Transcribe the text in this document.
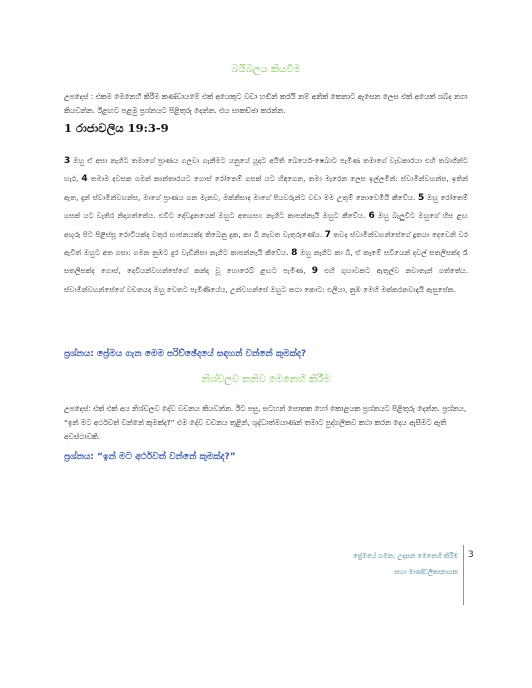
බයිබලය කියවීම
උපදෙස් : එකම මෙනෙහි කිරීම කණ්ඩායමේ එක් අයෙකුට වඩා හඬින් කරයි නම් අනික් කෙනාට ඇසෙන ලෙස එක් අයෙක් ශබ්ද නගා කියවන්න. ඊළඟට පළමු ප්‍රශ්නයට පිළිතුරු දෙන්න. එය සාකච්ඡා කරන්න.
1 රාජාවලිය 19:3-9
3 ඔහු ඒ අසා නැගිට තමාගේ ප්‍රාණය ගලවා ගැනීමට යනුයේ යූදාට අයිති බෙයෙර්-ෂෙබාට පැමිණ තමාගේ වැඩකාරයා එහි තබාගින්ට හැර, 4 තමාම දවසක ගමන් කාන්තාරයට ගොස් රෝතෙම් ගසක් යට හිඳගෙන, තමා මැරෙන ලෙස ඉල්ලමින්: ස්වාමීන්වහන්ස, ඉතින් ඇත, දැන් ස්වාමීන්වහන්ස, මාගේ ප්‍රාණය ගන මැනව, මක්නිසාද මාගේ පියවරුන්ට වඩා මම උතුම් නොවෙමියි කීවේය. 5 ඔහු රෝතෙම් ගසක් යට වැතිර නිදාගත්තේය. එවිට දේවදූතයෙක් ඔහුට අතගසා: නැගිට කාපන්නැයි ඔහුට කීවේය. 6 ඔහු බැලුවිට ඔහුගේ හිස ළඟ අඟුරු පිට පිළිස්සූ රොටියක්ද වතුර භාජනයක්ද තිබෙනු දුක, කා බී නැවත වැතුරුණේය. 7 තවද ස්වාමීන්වහන්සේගේ දූතයා දෙවෙනි වර ඇවිත් ඔහුට අත ගසා: ගමන නුඹට දුර වැඩිනිසා නැගිට කාපන්නැයි කීවේය. 8 ඔහු නැගිට කා බී, ඒ කෑමේ සවියෙන් දවල් සතලිසක්ද රෑ සතලිසක්ද ගොස්, දෙවියන්වහන්සේගේ කන්ද වූ හොරෙබ් ළඟට පැමිණ, 9 එහි ගුහාවකට ඇතුල්ව නවාතැන් ගත්තේය. ස්වාමීන්වහන්සේගේ වචනයද ඔහු වෙතට පැමිණියේය, උන්වහන්සේ ඔහුට කථා කොට: එලියා, නුඹ මෙහි මක්කරනවාදැයි ඇසුසේක.
ප්‍රශ්නය: ප්‍රේමය ගැන මෙම පරිච්ඡේදයේ සඳහන් වන්නේ කුමක්ද?
නිශ්චලව තනිව මෙනෙහි කිරීම
උපදෙස්: එක් එක් අය නිශ්චලව දේව වචනය කියවන්න. ඊට පසු, සටහන් පොතක හෝ කොළයක ප්‍රශ්නයට පිළිතුරු දෙන්න. ප්‍රශ්නය, “ඉන් මට අර්ථවත් වන්නේ කුමක්ද?” එම දේව වචනය තුළින්, ශුද්ධාත්මයාණන් තමාට පුද්ගලිකව කථා කරන දෙය ඇසීමට ඇති අවස්ථාවකි.
ප්‍රශ්නය: “ඉන් මට අර්ථවත් වන්නේ කුමක්ද?”
ප්‍රේමයේ ගමන: උදාසන මෙනෙහි කිරීම
සහා මාණ්ඩලිකානායක
3
